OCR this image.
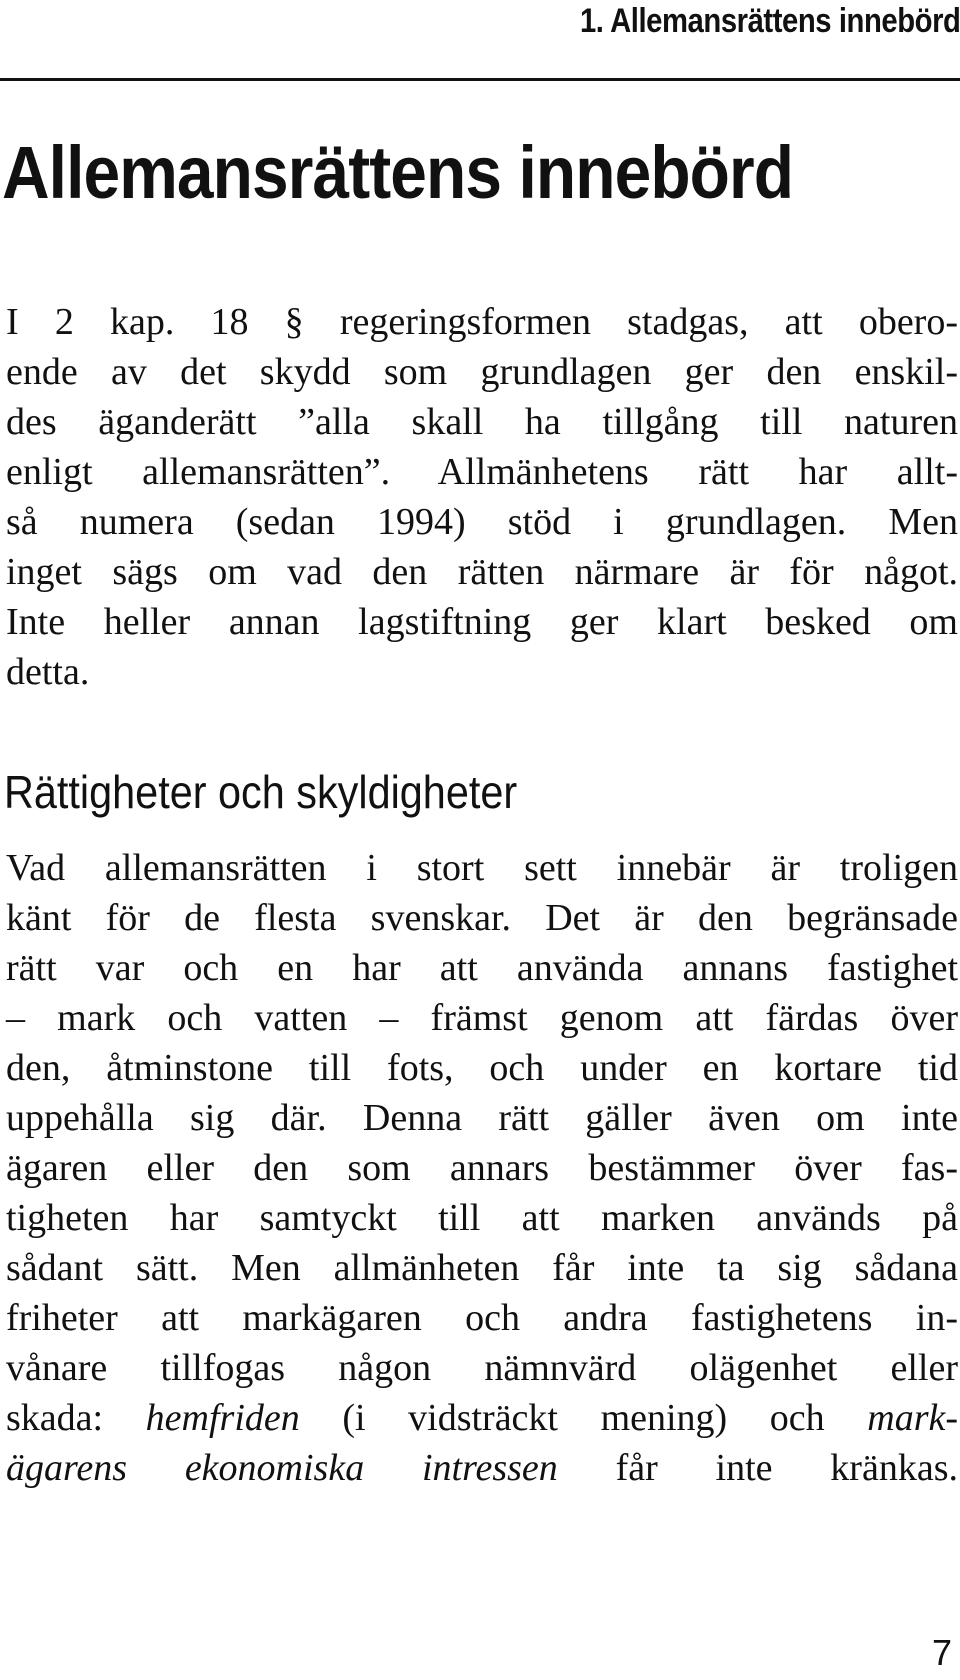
1. Allemansrättens innebörd
Allemansrättens innebörd
I 2 kap. 18 § regeringsformen stadgas, att obero-
ende av det skydd som grundlagen ger den enskil-
des äganderätt ”alla skall ha tillgång till naturen
enligt allemansrätten”. Allmänhetens rätt har allt-
så numera (sedan 1994) stöd i grundlagen. Men
inget sägs om vad den rätten närmare är för något.
Inte heller annan lagstiftning ger klart besked om
detta.
Rättigheter och skyldigheter
Vad allemansrätten i stort sett innebär är troligen
känt för de flesta svenskar. Det är den begränsade
rätt var och en har att använda annans fastighet
– mark och vatten – främst genom att färdas över
den, åtminstone till fots, och under en kortare tid
uppehålla sig där. Denna rätt gäller även om inte
ägaren eller den som annars bestämmer över fas-
tigheten har samtyckt till att marken används på
sådant sätt. Men allmänheten får inte ta sig sådana
friheter att markägaren och andra fastighetens in-
vånare tillfogas någon nämnvärd olägenhet eller
skada: hemfriden (i vidsträckt mening) och mark-
ägarens ekonomiska intressen får inte kränkas.
7
